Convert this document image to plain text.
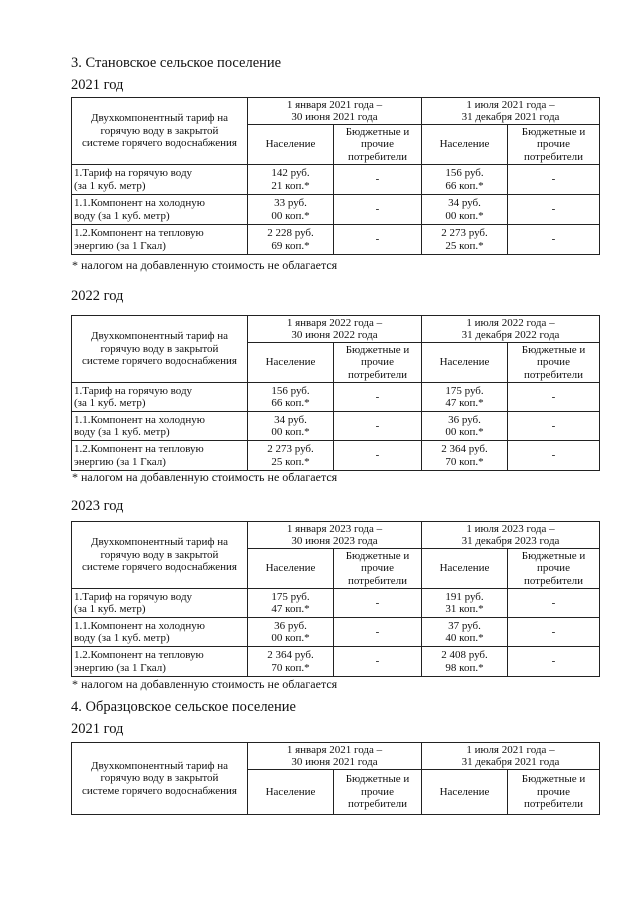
3. Становское сельское поселение
2021 год
Двухкомпонентный тариф на
горячую воду в закрытой
системе горячего водоснабжения	1 января 2021 года –
30 июня 2021 года		1 июля 2021 года –
31 декабря 2021 года	

	Население	Бюджетные и
прочие
потребители	Население	Бюджетные и
прочие
потребители

1.Тариф на горячую воду
(за 1 куб. метр)	142 руб.
21 коп.*	-	156 руб.
66 коп.*	-

1.1.Компонент на холодную
воду (за 1 куб. метр)	33 руб.
00 коп.*	-	34 руб.
00 коп.*	-

1.2.Компонент на тепловую
энергию (за 1 Гкал)	2 228 руб.
69 коп.*	-	2 273 руб.
25 коп.*	-
* налогом на добавленную стоимость не облагается
2022 год
Двухкомпонентный тариф на
горячую воду в закрытой
системе горячего водоснабжения	1 января 2022 года –
30 июня 2022 года		1 июля 2022 года –
31 декабря 2022 года	

	Население	Бюджетные и
прочие
потребители	Население	Бюджетные и
прочие
потребители

1.Тариф на горячую воду
(за 1 куб. метр)	156 руб.
66 коп.*	-	175 руб.
47 коп.*	-

1.1.Компонент на холодную
воду (за 1 куб. метр)	34 руб.
00 коп.*	-	36 руб.
00 коп.*	-

1.2.Компонент на тепловую
энергию (за 1 Гкал)	2 273 руб.
25 коп.*	-	2 364 руб.
70 коп.*	-
* налогом на добавленную стоимость не облагается
2023 год
Двухкомпонентный тариф на
горячую воду в закрытой
системе горячего водоснабжения	1 января 2023 года –
30 июня 2023 года		1 июля 2023 года –
31 декабря 2023 года	

	Население	Бюджетные и
прочие
потребители	Население	Бюджетные и
прочие
потребители

1.Тариф на горячую воду
(за 1 куб. метр)	175 руб.
47 коп.*	-	191 руб.
31 коп.*	-

1.1.Компонент на холодную
воду (за 1 куб. метр)	36 руб.
00 коп.*	-	37 руб.
40 коп.*	-

1.2.Компонент на тепловую
энергию (за 1 Гкал)	2 364 руб.
70 коп.*	-	2 408 руб.
98 коп.*	-
* налогом на добавленную стоимость не облагается
4. Образцовское сельское поселение
2021 год
Двухкомпонентный тариф на
горячую воду в закрытой
системе горячего водоснабжения	1 января 2021 года –
30 июня 2021 года		1 июля 2021 года –
31 декабря 2021 года	

	Население	Бюджетные и
прочие
потребители	Население	Бюджетные и
прочие
потребители
